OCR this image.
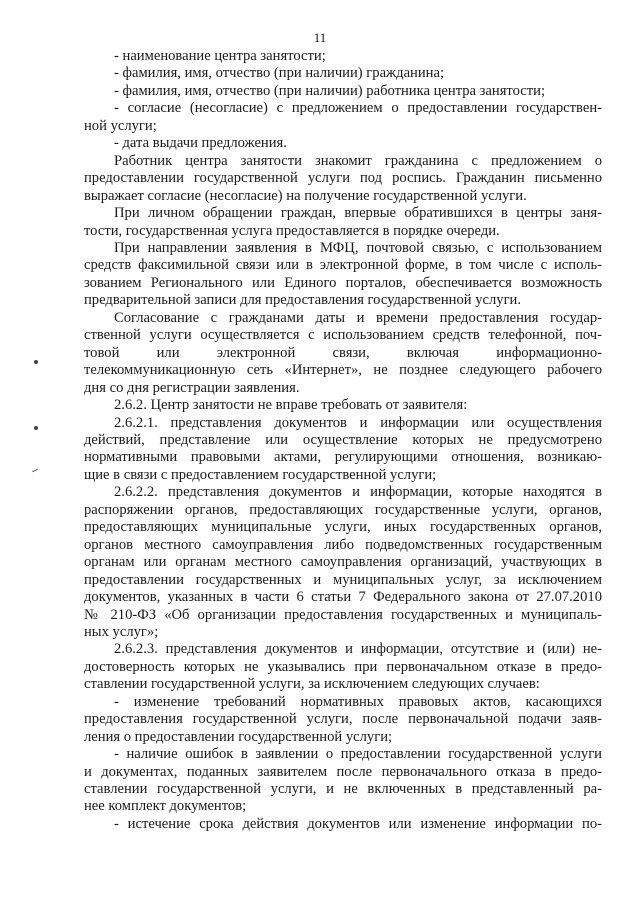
11

- наименование центра занятости;

- фамилия, имя, отчество (при наличии) гражданина;

- фамилия, имя, отчество (при наличии) работника центра занятости;

- согласие (несогласие) с предложением о предоставлении государствен-

ной услуги;

- дата выдачи предложения.

Работник центра занятости знакомит гражданина с предложением о

предоставлении государственной услуги под роспись. Гражданин письменно

выражает согласие (несогласие) на получение государственной услуги.

При личном обращении граждан, впервые обратившихся в центры заня-

тости, государственная услуга предоставляется в порядке очереди.

При направлении заявления в МФЦ, почтовой связью, с использованием

средств факсимильной связи или в электронной форме, в том числе с исполь-

зованием Регионального или Единого порталов, обеспечивается возможность

предварительной записи для предоставления государственной услуги.

Согласование с гражданами даты и времени предоставления государ-

ственной услуги осуществляется с использованием средств телефонной, поч-

товой или электронной связи, включая информационно-

телекоммуникационную сеть «Интернет», не позднее следующего рабочего

дня со дня регистрации заявления.

2.6.2. Центр занятости не вправе требовать от заявителя:

2.6.2.1. представления документов и информации или осуществления

действий, представление или осуществление которых не предусмотрено

нормативными правовыми актами, регулирующими отношения, возникаю-

щие в связи с предоставлением государственной услуги;

2.6.2.2. представления документов и информации, которые находятся в

распоряжении органов, предоставляющих государственные услуги, органов,

предоставляющих муниципальные услуги, иных государственных органов,

органов местного самоуправления либо подведомственных государственным

органам или органам местного самоуправления организаций, участвующих в

предоставлении государственных и муниципальных услуг, за исключением

документов, указанных в части 6 статьи 7 Федерального закона от 27.07.2010

№ 210-ФЗ «Об организации предоставления государственных и муниципаль-

ных услуг»;

2.6.2.3. представления документов и информации, отсутствие и (или) не-

достоверность которых не указывались при первоначальном отказе в предо-

ставлении государственной услуги, за исключением следующих случаев:

- изменение требований нормативных правовых актов, касающихся

предоставления государственной услуги, после первоначальной подачи заяв-

ления о предоставлении государственной услуги;

- наличие ошибок в заявлении о предоставлении государственной услуги

и документах, поданных заявителем после первоначального отказа в предо-

ставлении государственной услуги, и не включенных в представленный ра-

нее комплект документов;

- истечение срока действия документов или изменение информации по-
